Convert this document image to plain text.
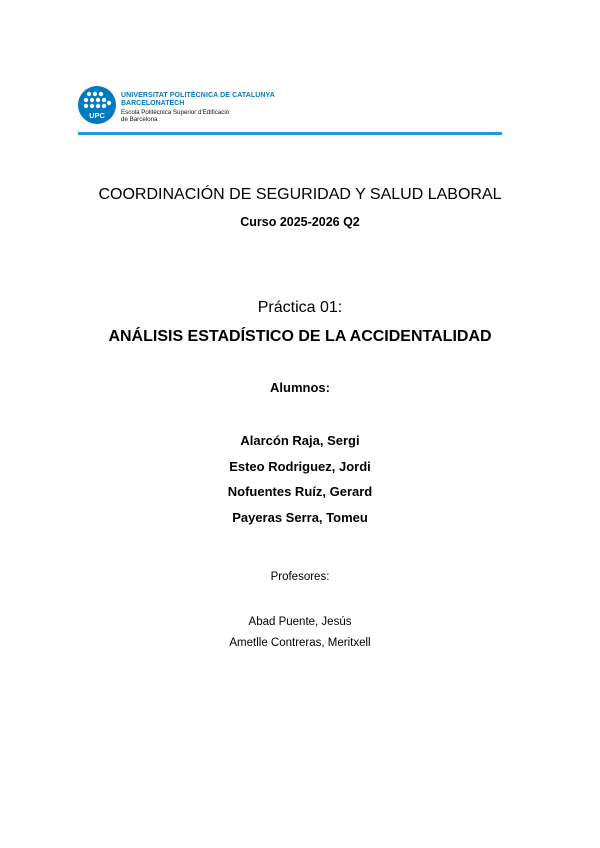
UPC
UNIVERSITAT POLITÈCNICA DE CATALUNYA
BARCELONATECH
Escola Politècnica Superior d'Edificació
de Barcelona
COORDINACIÓN DE SEGURIDAD Y SALUD LABORAL
Curso 2025-2026 Q2
Práctica 01:
ANÁLISIS ESTADÍSTICO DE LA ACCIDENTALIDAD
Alumnos:
Alarcón Raja, Sergi
Esteo Rodriguez, Jordi
Nofuentes Ruíz, Gerard
Payeras Serra, Tomeu
Profesores:
Abad Puente, Jesús
Ametlle Contreras, Meritxell
